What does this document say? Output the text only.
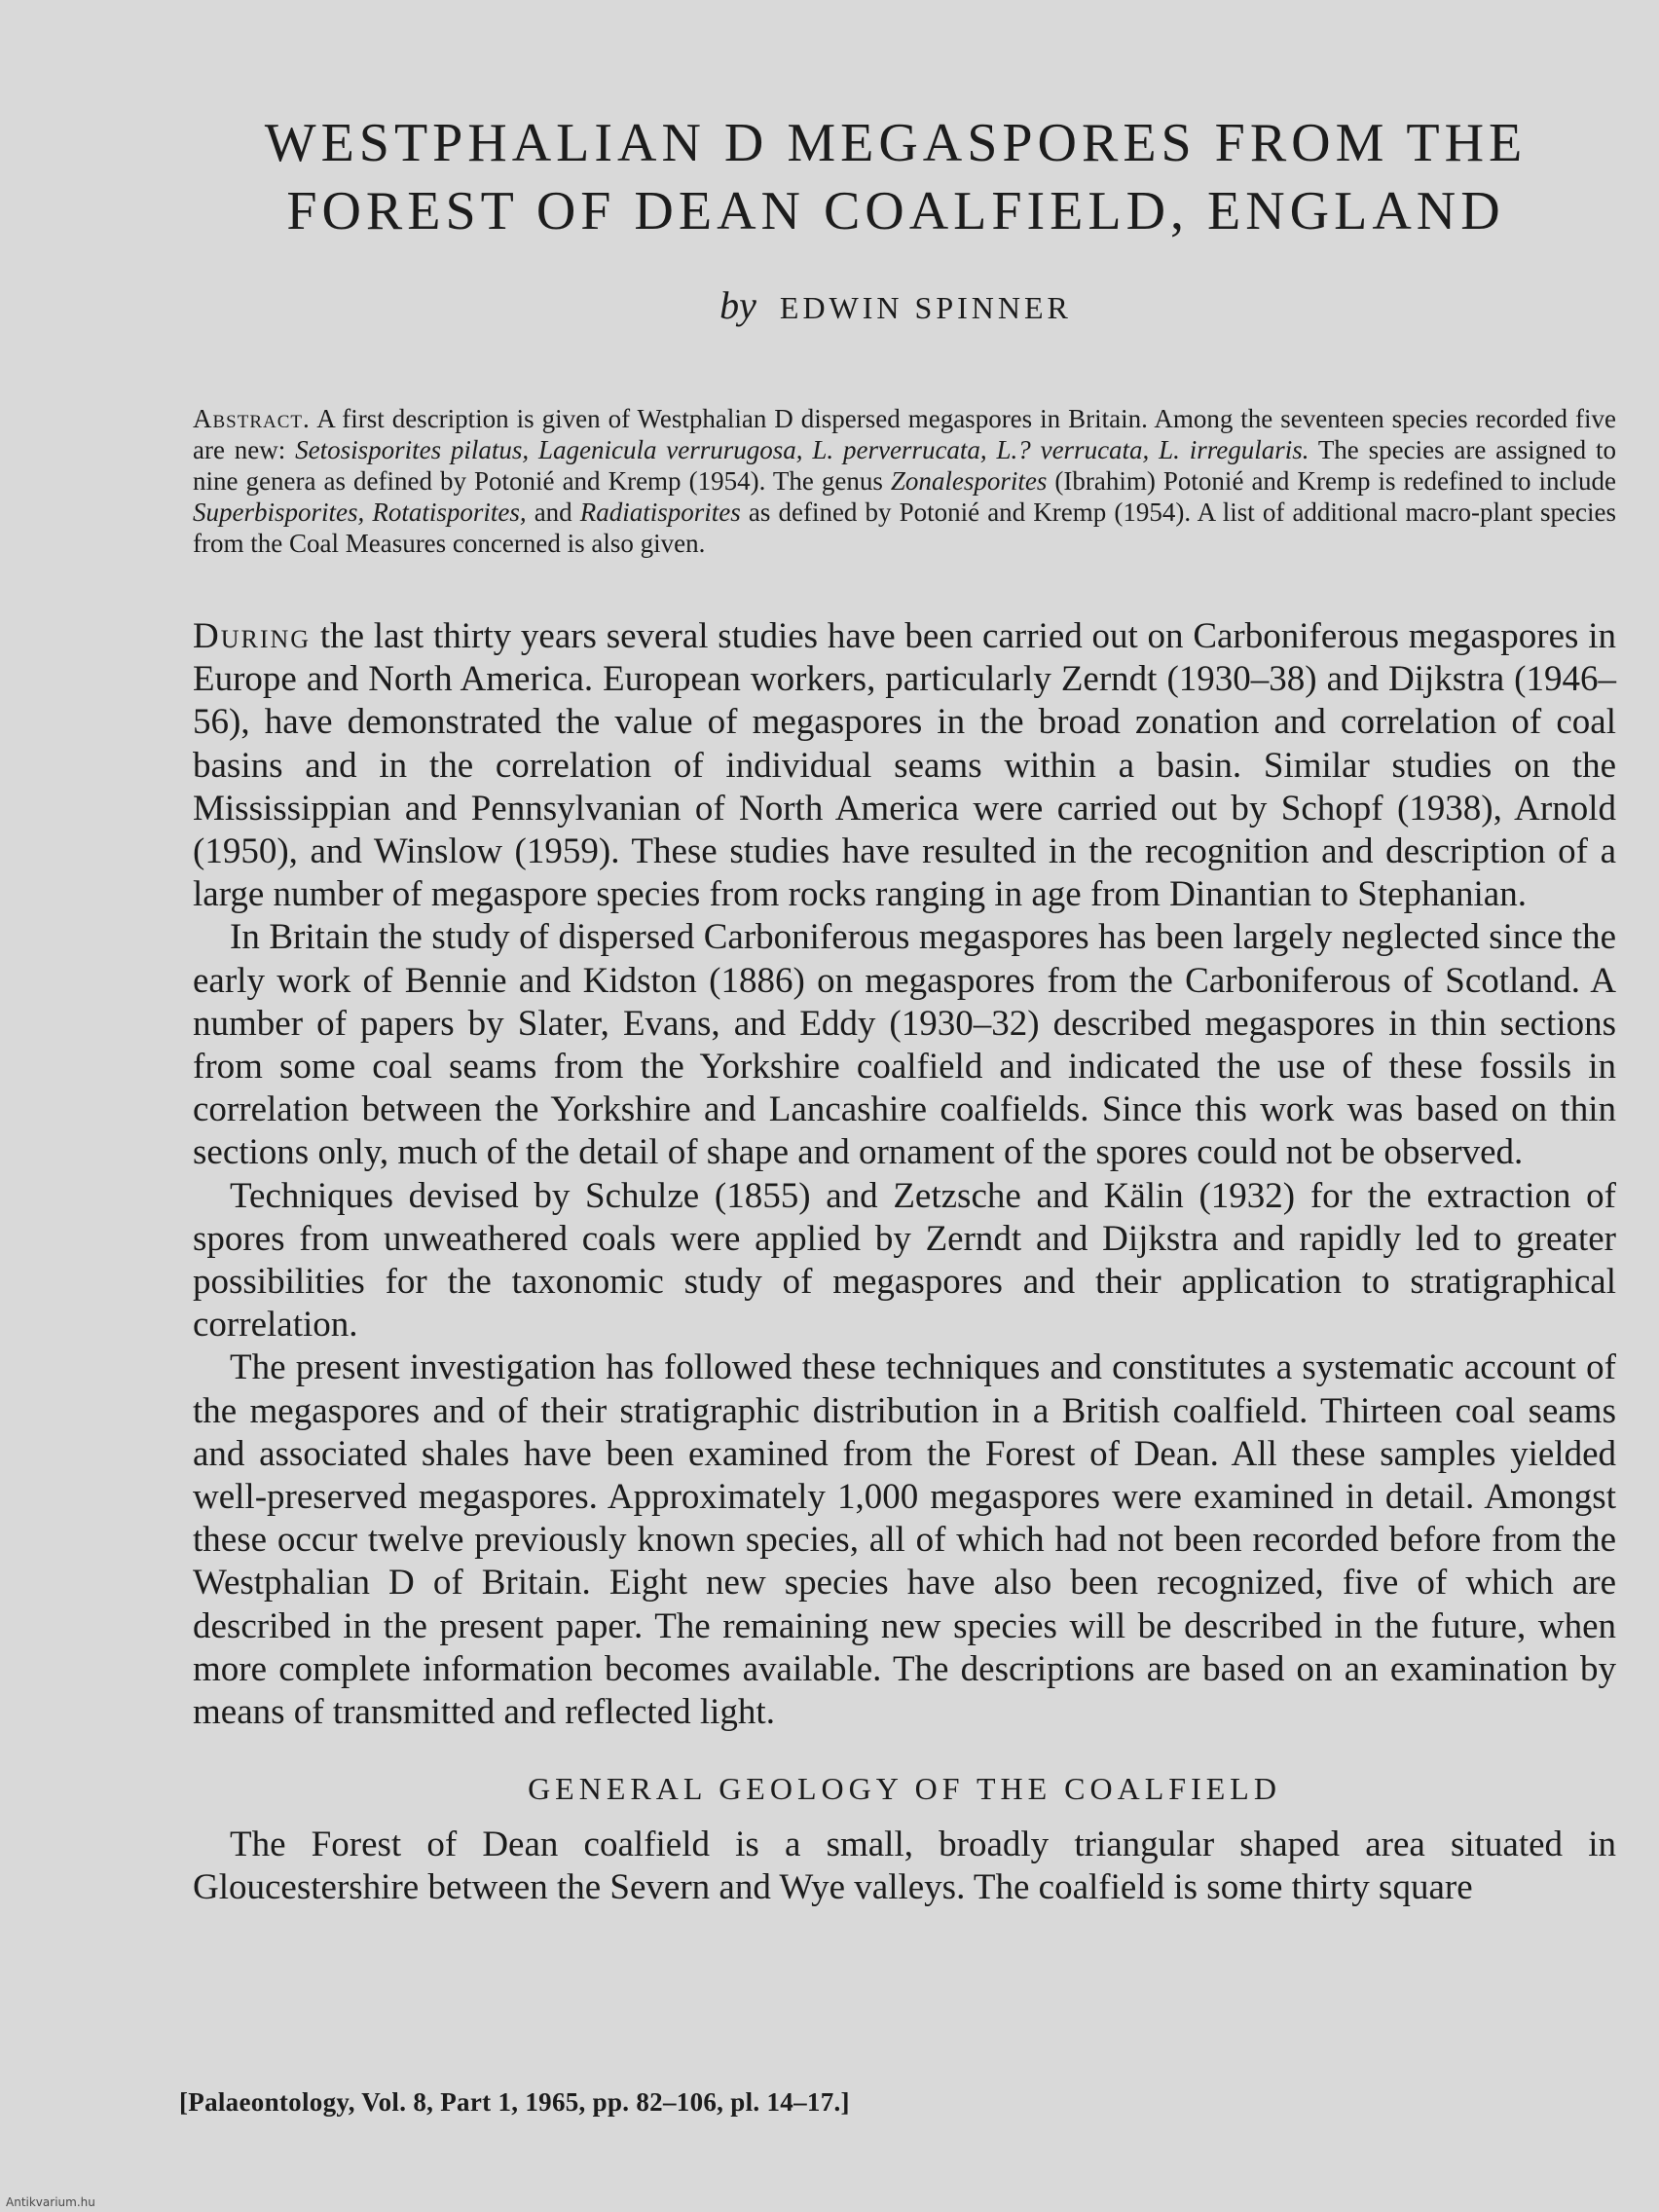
WESTPHALIAN D MEGASPORES FROM THE
FOREST OF DEAN COALFIELD, ENGLAND
by EDWIN SPINNER

Abstract. A first description is given of Westphalian D dispersed megaspores in Britain. Among the seventeen species recorded five are new: Setosisporites pilatus, Lagenicula verrurugosa, L. perverrucata, L.? verrucata, L. irregularis. The species are assigned to nine genera as defined by Potonié and Kremp (1954). The genus Zonalesporites (Ibrahim) Potonié and Kremp is redefined to include Superbisporites, Rotatisporites, and Radiatisporites as defined by Potonié and Kremp (1954). A list of additional macro-plant species from the Coal Measures concerned is also given.

During the last thirty years several studies have been carried out on Carboniferous megaspores in Europe and North America. European workers, particularly Zerndt (1930–38) and Dijkstra (1946–56), have demonstrated the value of megaspores in the broad zonation and correlation of coal basins and in the correlation of individual seams within a basin. Similar studies on the Mississippian and Pennsylvanian of North America were carried out by Schopf (1938), Arnold (1950), and Winslow (1959). These studies have resulted in the recognition and description of a large number of megaspore species from rocks ranging in age from Dinantian to Stephanian.

In Britain the study of dispersed Carboniferous megaspores has been largely neglected since the early work of Bennie and Kidston (1886) on megaspores from the Carboniferous of Scotland. A number of papers by Slater, Evans, and Eddy (1930–32) described megaspores in thin sections from some coal seams from the Yorkshire coalfield and indicated the use of these fossils in correlation between the Yorkshire and Lancashire coalfields. Since this work was based on thin sections only, much of the detail of shape and ornament of the spores could not be observed.

Techniques devised by Schulze (1855) and Zetzsche and Kälin (1932) for the extraction of spores from unweathered coals were applied by Zerndt and Dijkstra and rapidly led to greater possibilities for the taxonomic study of megaspores and their application to stratigraphical correlation.

The present investigation has followed these techniques and constitutes a systematic account of the megaspores and of their stratigraphic distribution in a British coalfield. Thirteen coal seams and associated shales have been examined from the Forest of Dean. All these samples yielded well-preserved megaspores. Approximately 1,000 megaspores were examined in detail. Amongst these occur twelve previously known species, all of which had not been recorded before from the Westphalian D of Britain. Eight new species have also been recognized, five of which are described in the present paper. The remaining new species will be described in the future, when more complete information becomes available. The descriptions are based on an examination by means of transmitted and reflected light.

GENERAL GEOLOGY OF THE COALFIELD

The Forest of Dean coalfield is a small, broadly triangular shaped area situated in Gloucestershire between the Severn and Wye valleys. The coalfield is some thirty square

[Palaeontology, Vol. 8, Part 1, 1965, pp. 82–106, pl. 14–17.]
Antikvarium.hu
